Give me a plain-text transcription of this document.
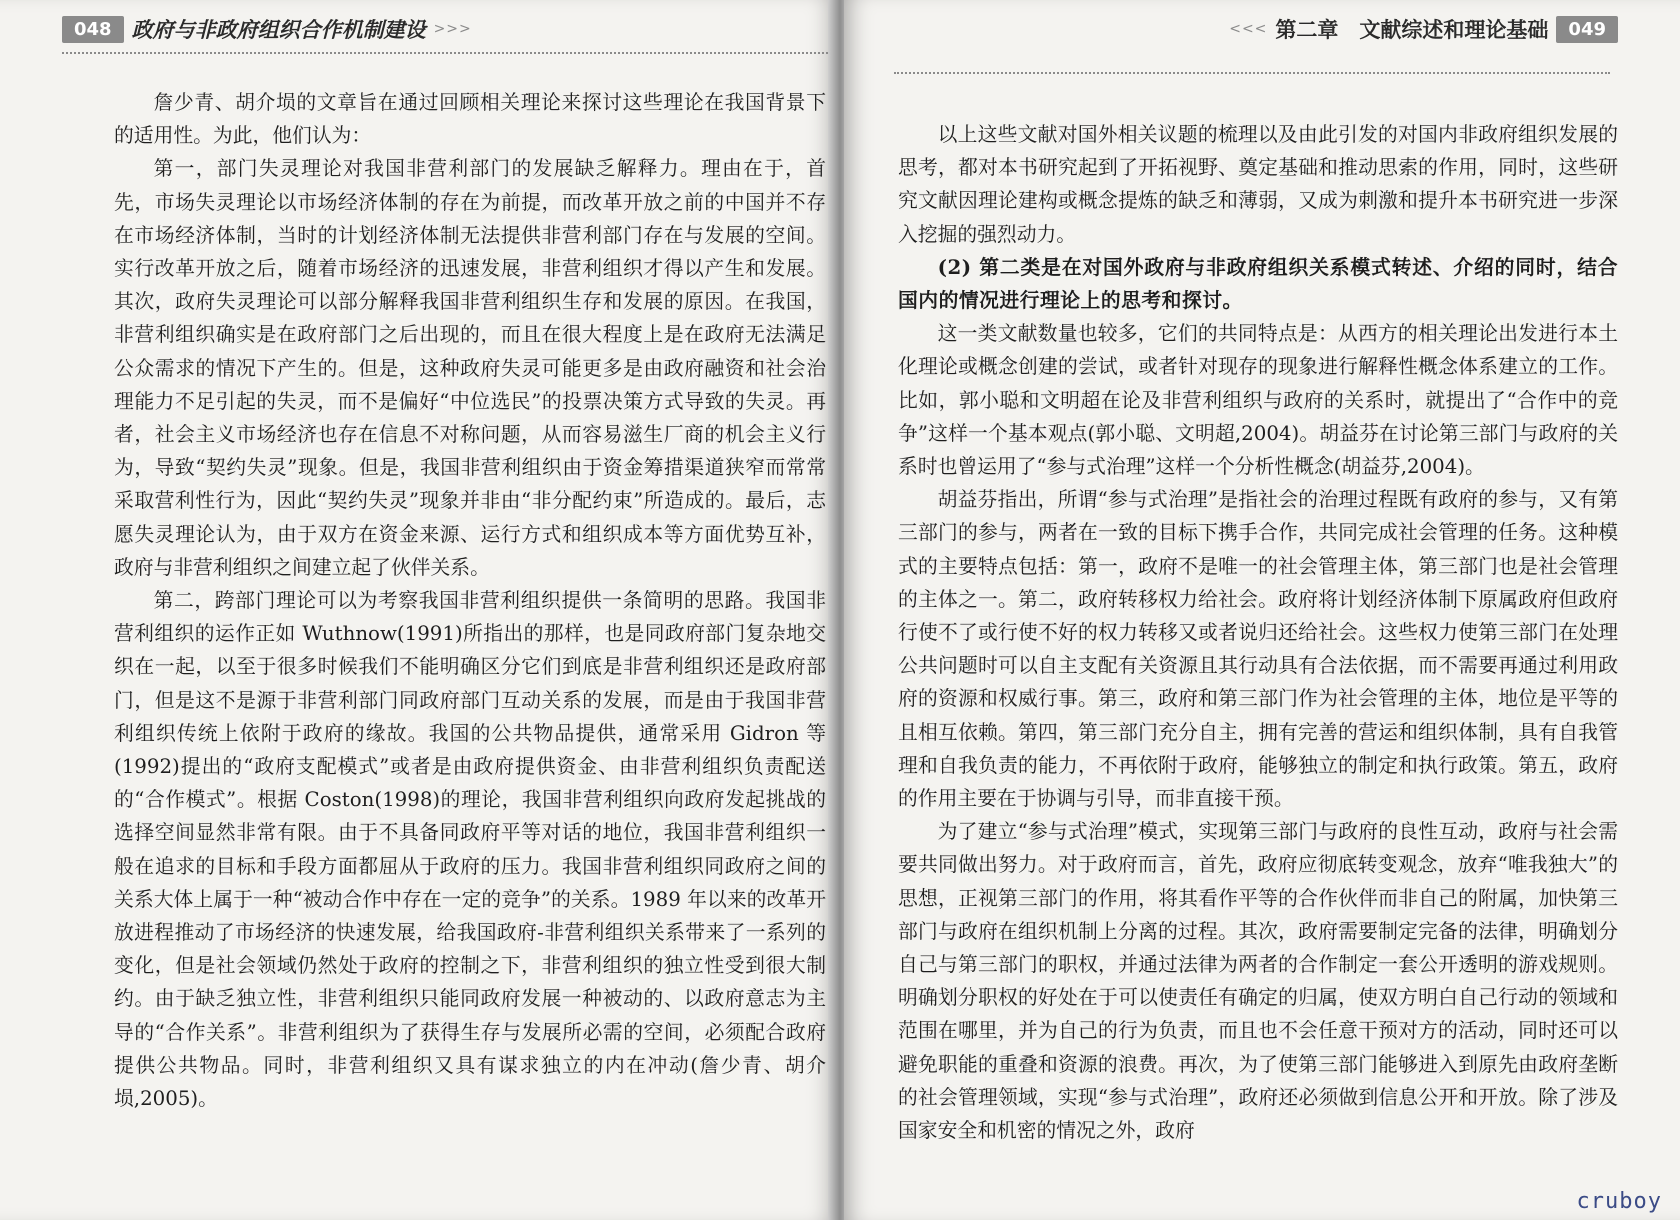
048 政府与非政府组织合作机制建设 >>>

詹少青、胡介埙的文章旨在通过回顾相关理论来探讨这些理论在我国背景下的适用性。为此，他们认为：

第一，部门失灵理论对我国非营利部门的发展缺乏解释力。理由在于，首先，市场失灵理论以市场经济体制的存在为前提，而改革开放之前的中国并不存在市场经济体制，当时的计划经济体制无法提供非营利部门存在与发展的空间。实行改革开放之后，随着市场经济的迅速发展，非营利组织才得以产生和发展。其次，政府失灵理论可以部分解释我国非营利组织生存和发展的原因。在我国，非营利组织确实是在政府部门之后出现的，而且在很大程度上是在政府无法满足公众需求的情况下产生的。但是，这种政府失灵可能更多是由政府融资和社会治理能力不足引起的失灵，而不是偏好“中位选民”的投票决策方式导致的失灵。再者，社会主义市场经济也存在信息不对称问题，从而容易滋生厂商的机会主义行为，导致“契约失灵”现象。但是，我国非营利组织由于资金筹措渠道狭窄而常常采取营利性行为，因此“契约失灵”现象并非由“非分配约束”所造成的。最后，志愿失灵理论认为，由于双方在资金来源、运行方式和组织成本等方面优势互补，政府与非营利组织之间建立起了伙伴关系。

第二，跨部门理论可以为考察我国非营利组织提供一条简明的思路。我国非营利组织的运作正如 Wuthnow(1991)所指出的那样，也是同政府部门复杂地交织在一起，以至于很多时候我们不能明确区分它们到底是非营利组织还是政府部门，但是这不是源于非营利部门同政府部门互动关系的发展，而是由于我国非营利组织传统上依附于政府的缘故。我国的公共物品提供，通常采用 Gidron 等(1992)提出的“政府支配模式”或者是由政府提供资金、由非营利组织负责配送的“合作模式”。根据 Coston(1998)的理论，我国非营利组织向政府发起挑战的选择空间显然非常有限。由于不具备同政府平等对话的地位，我国非营利组织一般在追求的目标和手段方面都屈从于政府的压力。我国非营利组织同政府之间的关系大体上属于一种“被动合作中存在一定的竞争”的关系。1989 年以来的改革开放进程推动了市场经济的快速发展，给我国政府-非营利组织关系带来了一系列的变化，但是社会领域仍然处于政府的控制之下，非营利组织的独立性受到很大制约。由于缺乏独立性，非营利组织只能同政府发展一种被动的、以政府意志为主导的“合作关系”。非营利组织为了获得生存与发展所必需的空间，必须配合政府提供公共物品。同时，非营利组织又具有谋求独立的内在冲动(詹少青、胡介埙,2005)。

<<< 第二章　文献综述和理论基础	049

以上这些文献对国外相关议题的梳理以及由此引发的对国内非政府组织发展的思考，都对本书研究起到了开拓视野、奠定基础和推动思索的作用，同时，这些研究文献因理论建构或概念提炼的缺乏和薄弱，又成为刺激和提升本书研究进一步深入挖掘的强烈动力。

(2) 第二类是在对国外政府与非政府组织关系模式转述、介绍的同时，结合国内的情况进行理论上的思考和探讨。

这一类文献数量也较多，它们的共同特点是：从西方的相关理论出发进行本土化理论或概念创建的尝试，或者针对现存的现象进行解释性概念体系建立的工作。比如，郭小聪和文明超在论及非营利组织与政府的关系时，就提出了“合作中的竞争”这样一个基本观点(郭小聪、文明超,2004)。胡益芬在讨论第三部门与政府的关系时也曾运用了“参与式治理”这样一个分析性概念(胡益芬,2004)。

胡益芬指出，所谓“参与式治理”是指社会的治理过程既有政府的参与，又有第三部门的参与，两者在一致的目标下携手合作，共同完成社会管理的任务。这种模式的主要特点包括：第一，政府不是唯一的社会管理主体，第三部门也是社会管理的主体之一。第二，政府转移权力给社会。政府将计划经济体制下原属政府但政府行使不了或行使不好的权力转移又或者说归还给社会。这些权力使第三部门在处理公共问题时可以自主支配有关资源且其行动具有合法依据，而不需要再通过利用政府的资源和权威行事。第三，政府和第三部门作为社会管理的主体，地位是平等的且相互依赖。第四，第三部门充分自主，拥有完善的营运和组织体制，具有自我管理和自我负责的能力，不再依附于政府，能够独立的制定和执行政策。第五，政府的作用主要在于协调与引导，而非直接干预。

为了建立“参与式治理”模式，实现第三部门与政府的良性互动，政府与社会需要共同做出努力。对于政府而言，首先，政府应彻底转变观念，放弃“唯我独大”的思想，正视第三部门的作用，将其看作平等的合作伙伴而非自己的附属，加快第三部门与政府在组织机制上分离的过程。其次，政府需要制定完备的法律，明确划分自己与第三部门的职权，并通过法律为两者的合作制定一套公开透明的游戏规则。明确划分职权的好处在于可以使责任有确定的归属，使双方明白自己行动的领域和范围在哪里，并为自己的行为负责，而且也不会任意干预对方的活动，同时还可以避免职能的重叠和资源的浪费。再次，为了使第三部门能够进入到原先由政府垄断的社会管理领域，实现“参与式治理”，政府还必须做到信息公开和开放。除了涉及国家安全和机密的情况之外，政府

cruboy
